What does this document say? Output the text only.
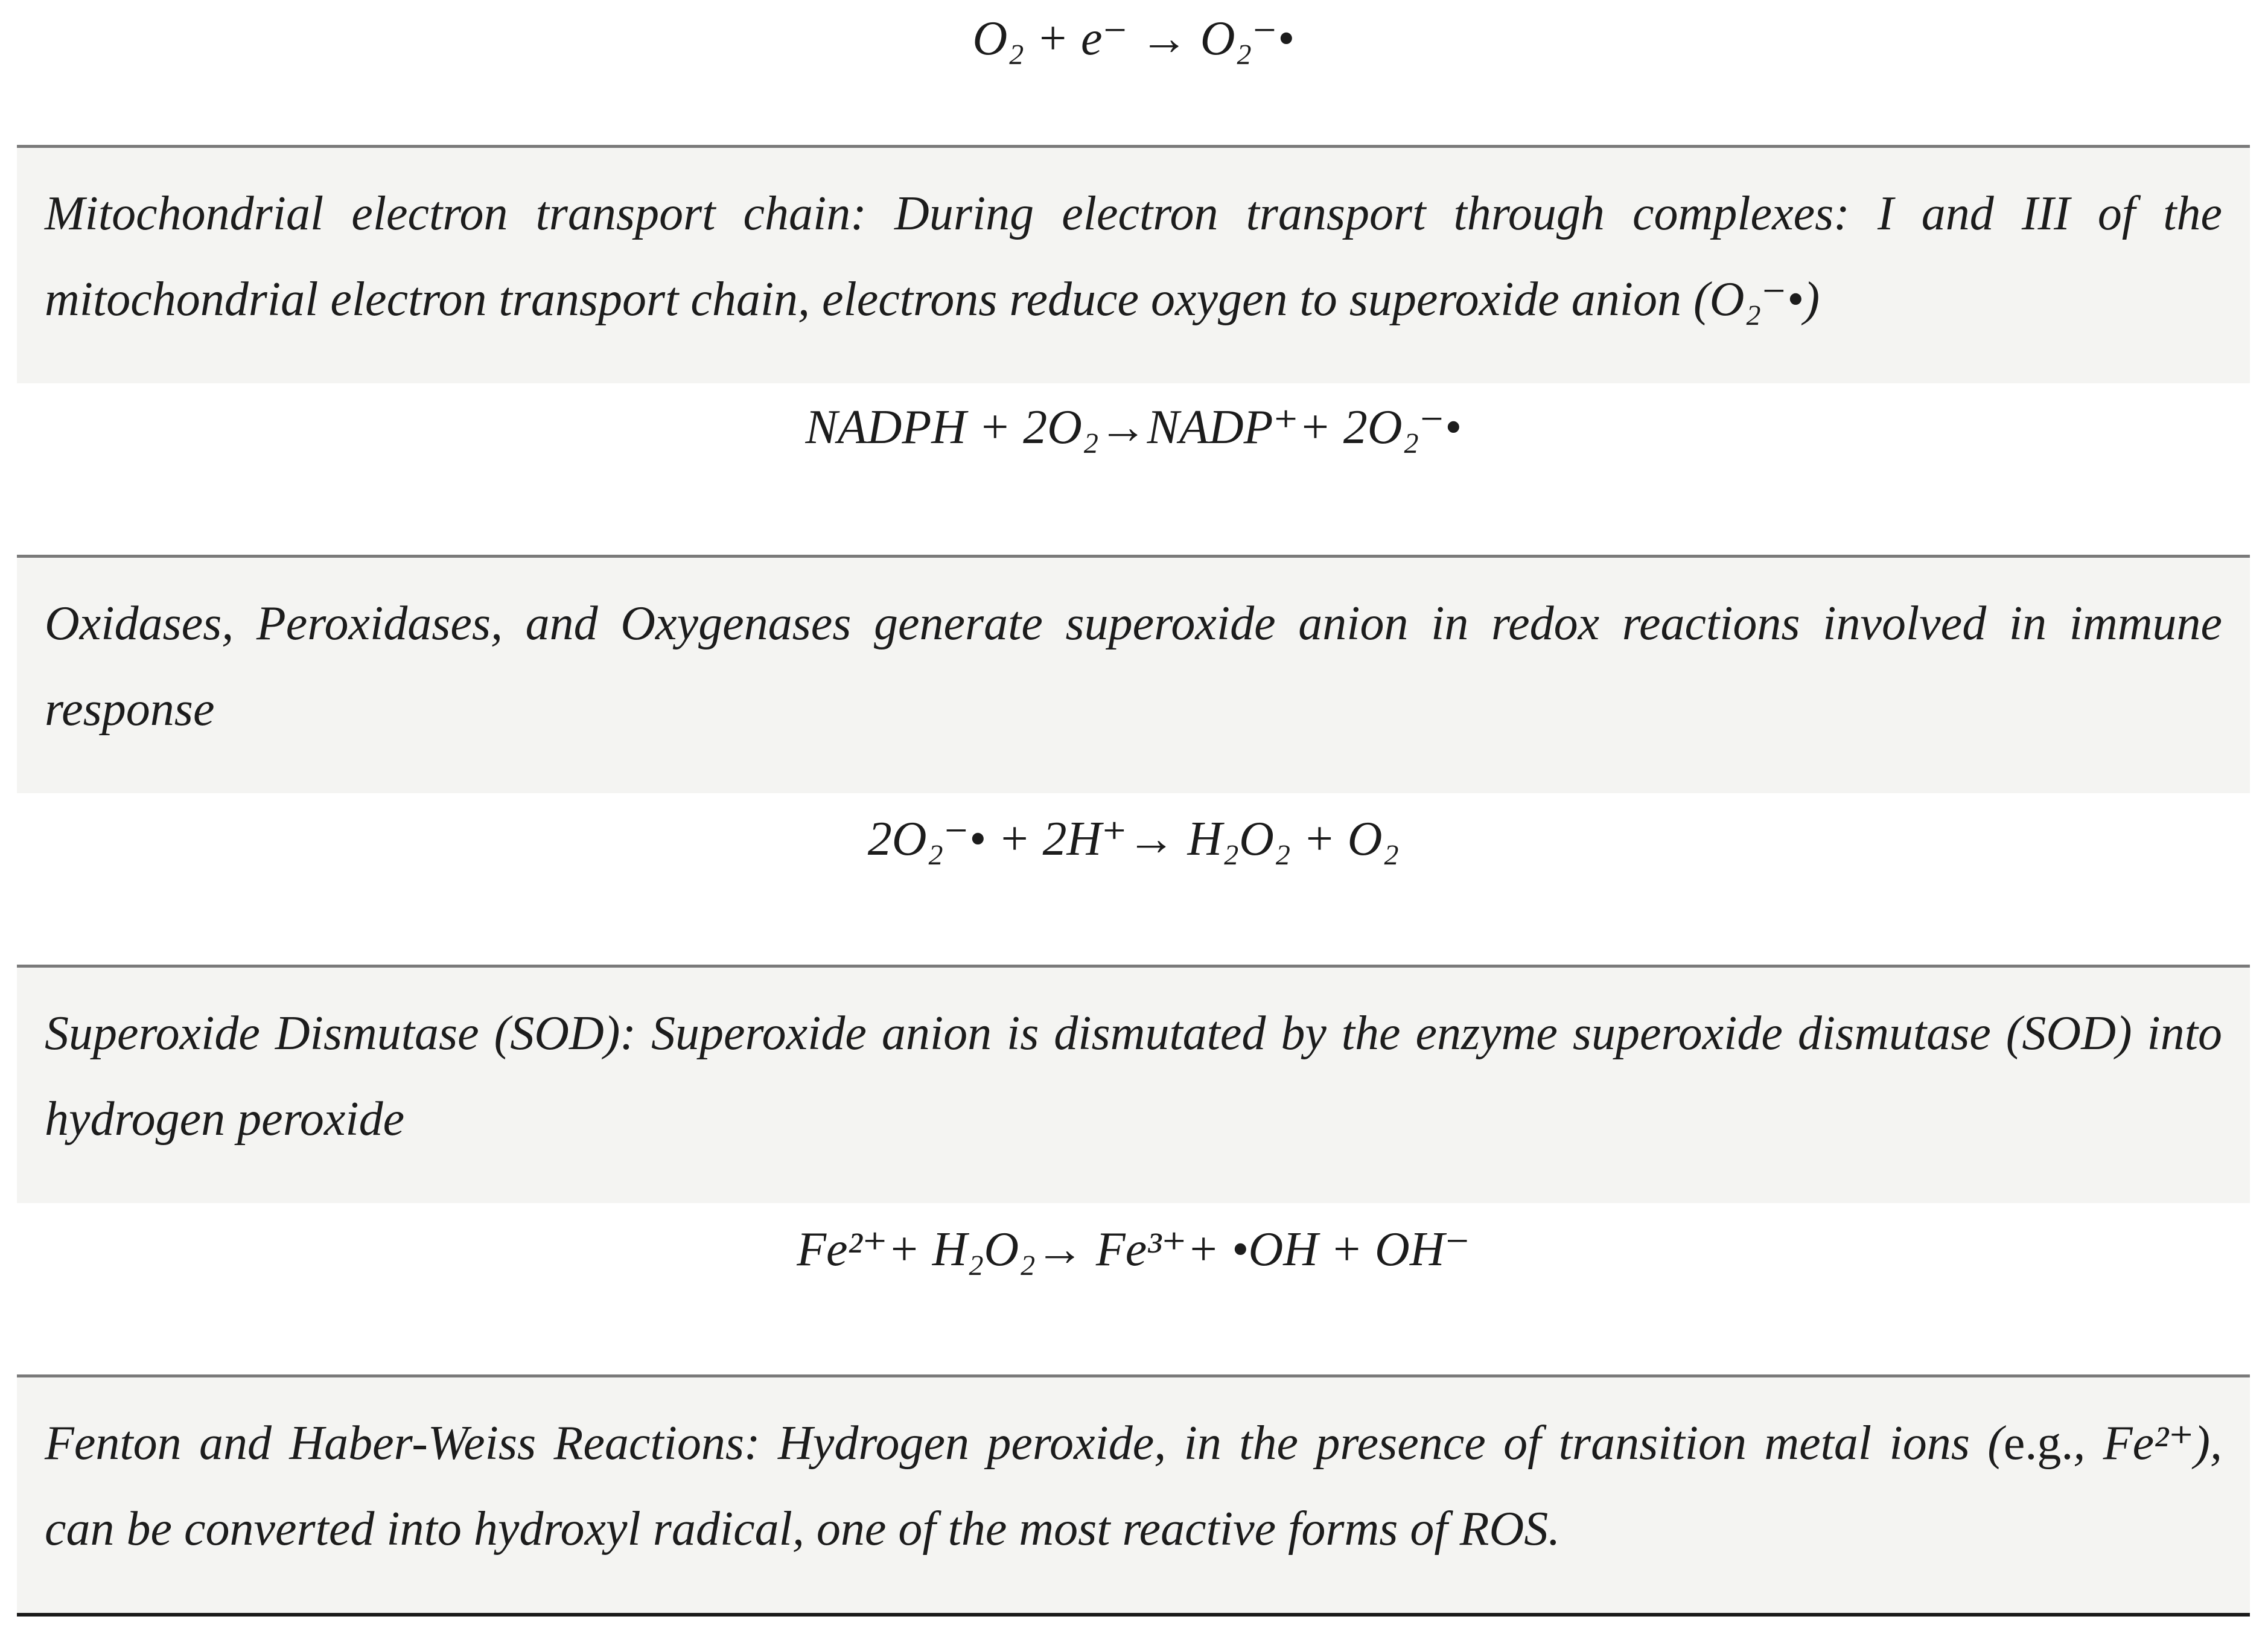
O₂ + e⁻ → O₂⁻•
Mitochondrial electron transport chain: During electron transport through complexes: I and III of the mitochondrial electron transport chain, electrons reduce oxygen to superoxide anion (O₂⁻•)
NADPH + 2O₂→NADP⁺+ 2O₂⁻•
Oxidases, Peroxidases, and Oxygenases generate superoxide anion in redox reactions involved in immune response
2O₂⁻• + 2H⁺→ H₂O₂ + O₂
Superoxide Dismutase (SOD): Superoxide anion is dismutated by the enzyme superoxide dismutase (SOD) into hydrogen peroxide
Fe²⁺+ H₂O₂→ Fe³⁺+ •OH + OH⁻
Fenton and Haber-Weiss Reactions: Hydrogen peroxide, in the presence of transition metal ions (e.g., Fe²⁺), can be converted into hydroxyl radical, one of the most reactive forms of ROS.
